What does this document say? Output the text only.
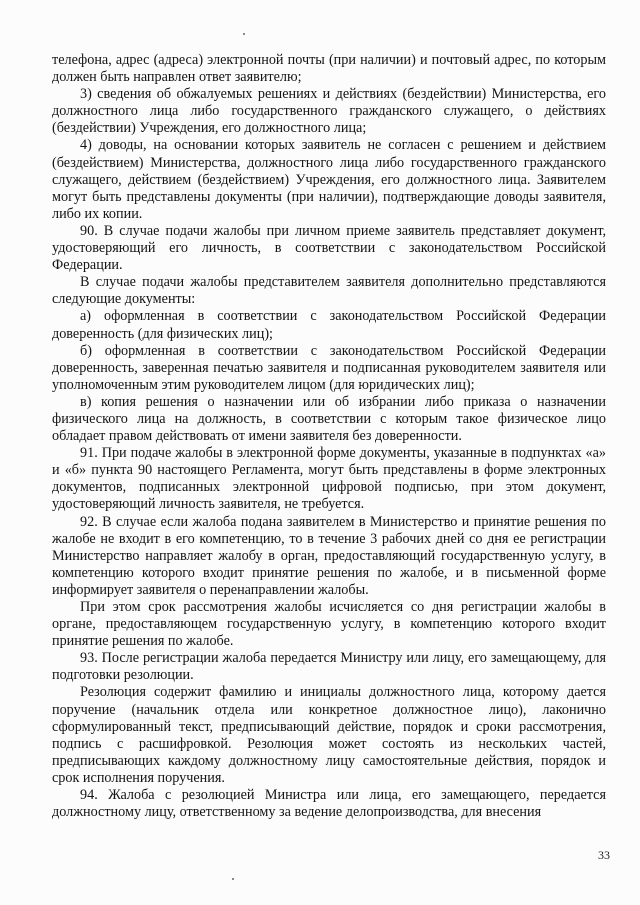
телефона, адрес (адреса) электронной почты (при наличии) и почтовый адрес, по которым должен быть направлен ответ заявителю;

3) сведения об обжалуемых решениях и действиях (бездействии) Министерства, его должностного лица либо государственного гражданского служащего, о действиях (бездействии) Учреждения, его должностного лица;

4) доводы, на основании которых заявитель не согласен с решением и действием (бездействием) Министерства, должностного лица либо государственного гражданского служащего, действием (бездействием) Учреждения, его должностного лица. Заявителем могут быть представлены документы (при наличии), подтверждающие доводы заявителя, либо их копии.

90. В случае подачи жалобы при личном приеме заявитель представляет документ, удостоверяющий его личность, в соответствии с законодательством Российской Федерации.

В случае подачи жалобы представителем заявителя дополнительно представляются следующие документы:

а) оформленная в соответствии с законодательством Российской Федерации доверенность (для физических лиц);

б) оформленная в соответствии с законодательством Российской Федерации доверенность, заверенная печатью заявителя и подписанная руководителем заявителя или уполномоченным этим руководителем лицом (для юридических лиц);

в) копия решения о назначении или об избрании либо приказа о назначении физического лица на должность, в соответствии с которым такое физическое лицо обладает правом действовать от имени заявителя без доверенности.

91. При подаче жалобы в электронной форме документы, указанные в подпунктах «а» и «б» пункта 90 настоящего Регламента, могут быть представлены в форме электронных документов, подписанных электронной цифровой подписью, при этом документ, удостоверяющий личность заявителя, не требуется.

92. В случае если жалоба подана заявителем в Министерство и принятие решения по жалобе не входит в его компетенцию, то в течение 3 рабочих дней со дня ее регистрации Министерство направляет жалобу в орган, предоставляющий государственную услугу, в компетенцию которого входит принятие решения по жалобе, и в письменной форме информирует заявителя о перенаправлении жалобы.

При этом срок рассмотрения жалобы исчисляется со дня регистрации жалобы в органе, предоставляющем государственную услугу, в компетенцию которого входит принятие решения по жалобе.

93. После регистрации жалоба передается Министру или лицу, его замещающему, для подготовки резолюции.

Резолюция содержит фамилию и инициалы должностного лица, которому дается поручение (начальник отдела или конкретное должностное лицо), лаконично сформулированный текст, предписывающий действие, порядок и сроки рассмотрения, подпись с расшифровкой. Резолюция может состоять из нескольких частей, предписывающих каждому должностному лицу самостоятельные действия, порядок и срок исполнения поручения.

94. Жалоба с резолюцией Министра или лица, его замещающего, передается должностному лицу, ответственному за ведение делопроизводства, для внесения

33
